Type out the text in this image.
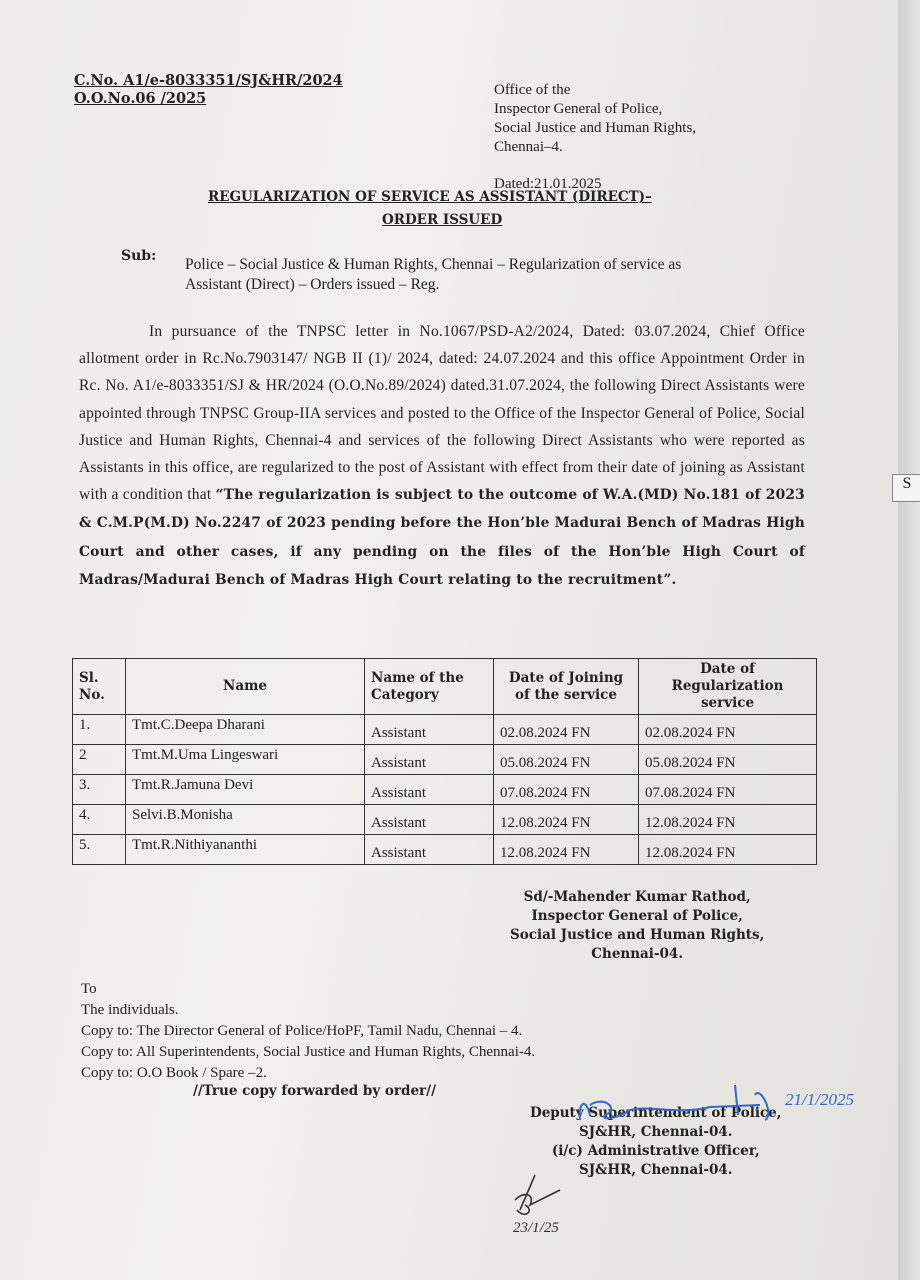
C.No. A1/e-8033351/SJ&HR/2024
O.O.No.06 /2025	Office of the
Inspector General of Police,
Social Justice and Human Rights,
Chennai–4.
Dated:21.01.2025
REGULARIZATION OF SERVICE AS ASSISTANT (DIRECT)–
ORDER ISSUED
Sub: Police – Social Justice & Human Rights, Chennai – Regularization of service as
Assistant (Direct) – Orders issued – Reg.
In pursuance of the TNPSC letter in No.1067/PSD-A2/2024, Dated: 03.07.2024, Chief Office allotment order in Rc.No.7903147/ NGB II (1)/ 2024, dated: 24.07.2024 and this office Appointment Order in Rc. No. A1/e-8033351/SJ & HR/2024 (O.O.No.89/2024) dated.31.07.2024, the following Direct Assistants were appointed through TNPSC Group-IIA services and posted to the Office of the Inspector General of Police, Social Justice and Human Rights, Chennai-4 and services of the following Direct Assistants who were reported as Assistants in this office, are regularized to the post of Assistant with effect from their date of joining as Assistant with a condition that “The regularization is subject to the outcome of W.A.(MD) No.181 of 2023 & C.M.P(M.D) No.2247 of 2023 pending before the Hon’ble Madurai Bench of Madras High Court and other cases, if any pending on the files of the Hon’ble High Court of Madras/Madurai Bench of Madras High Court relating to the recruitment”.
Sl. No.	Name	Name of the Category	Date of Joining of the service	Date of Regularization service
1.	Tmt.C.Deepa Dharani	Assistant	02.08.2024 FN	02.08.2024 FN
2	Tmt.M.Uma Lingeswari	Assistant	05.08.2024 FN	05.08.2024 FN
3.	Tmt.R.Jamuna Devi	Assistant	07.08.2024 FN	07.08.2024 FN
4.	Selvi.B.Monisha	Assistant	12.08.2024 FN	12.08.2024 FN
5.	Tmt.R.Nithiyananthi	Assistant	12.08.2024 FN	12.08.2024 FN
Sd/-Mahender Kumar Rathod,
Inspector General of Police,
Social Justice and Human Rights,
Chennai-04.
To
The individuals.
Copy to: The Director General of Police/HoPF, Tamil Nadu, Chennai – 4.
Copy to: All Superintendents, Social Justice and Human Rights, Chennai-4.
Copy to: O.O Book / Spare –2.
//True copy forwarded by order//
Deputy Superintendent of Police,
SJ&HR, Chennai-04.
(i/c) Administrative Officer,
SJ&HR, Chennai-04.
21/1/2025
23/1/25
S
